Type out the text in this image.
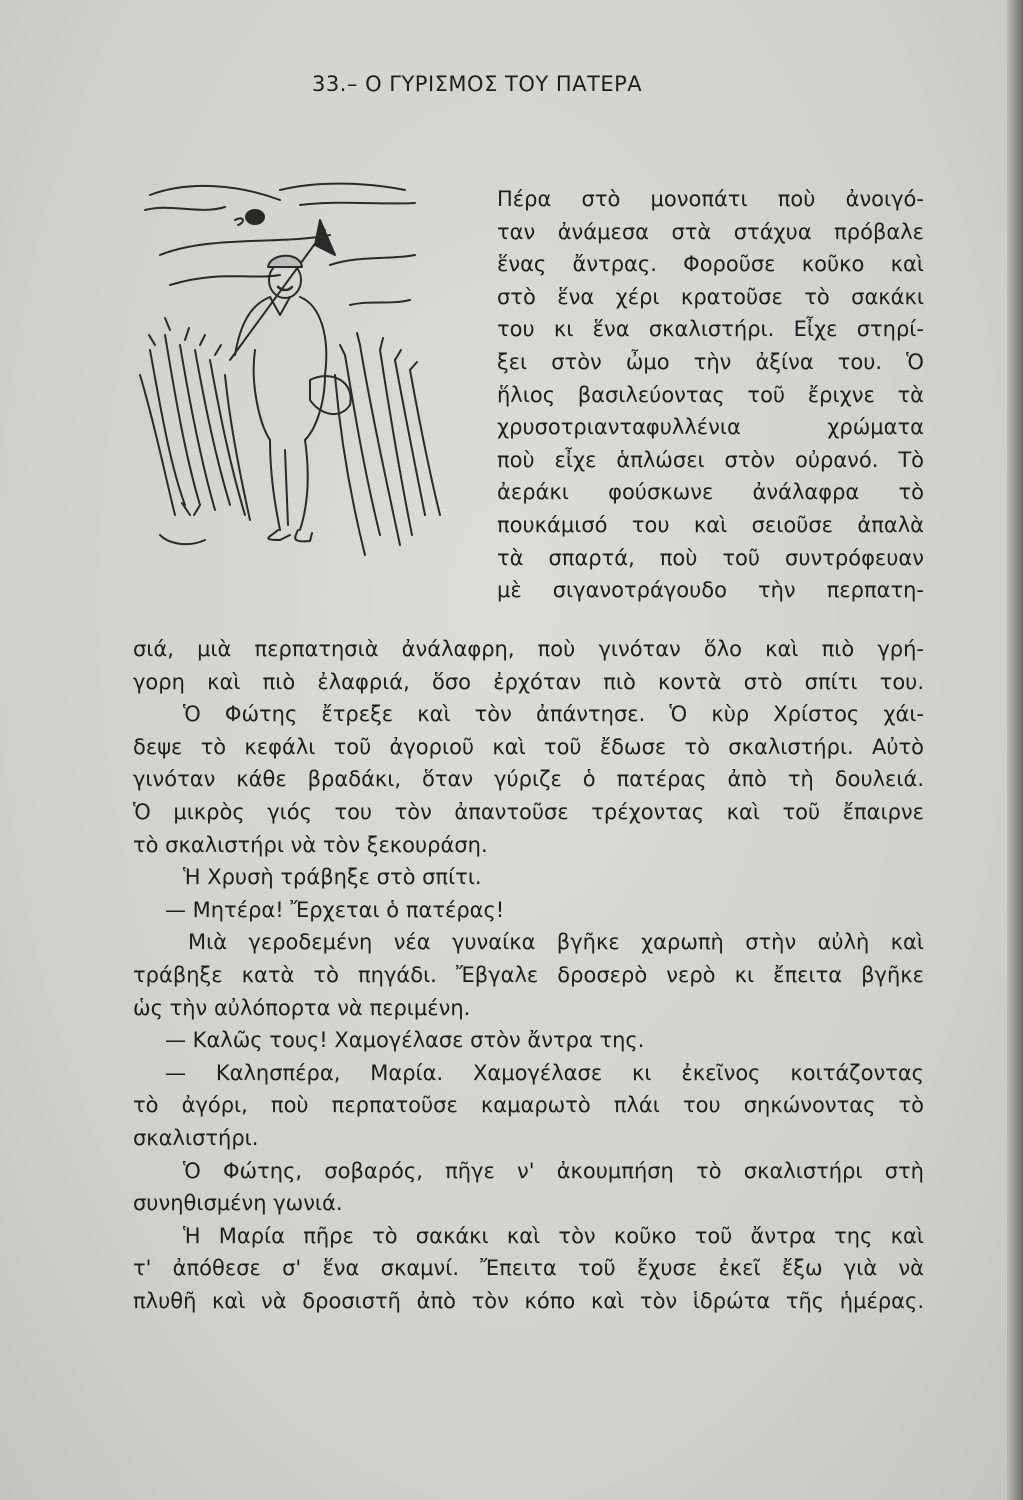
33.– Ο ΓΥΡΙΣΜΟΣ ΤΟΥ ΠΑΤΕΡΑ
Πέρα στὸ μονοπάτι ποὺ ἀνοιγό-
ταν ἀνάμεσα στὰ στάχυα πρόβαλε
ἕνας ἄντρας. Φοροῦσε κοῦκο καὶ
στὸ ἕνα χέρι κρατοῦσε τὸ σακάκι
του κι ἕνα σκαλιστήρι. Εἶχε στηρί-
ξει στὸν ὦμο τὴν ἀξίνα του. Ὁ
ἥλιος βασιλεύοντας τοῦ ἔριχνε τὰ
χρυσοτριανταφυλλένια χρώματα
ποὺ εἶχε ἁπλώσει στὸν οὐρανό. Τὸ
ἀεράκι φούσκωνε ἀνάλαφρα τὸ
πουκάμισό του καὶ σειοῦσε ἀπαλὰ
τὰ σπαρτά, ποὺ τοῦ συντρόφευαν
μὲ σιγανοτράγουδο τὴν περπατη-
σιά, μιὰ περπατησιὰ ἀνάλαφρη, ποὺ γινόταν ὅλο καὶ πιὸ γρή-
γορη καὶ πιὸ ἐλαφριά, ὅσο ἐρχόταν πιὸ κοντὰ στὸ σπίτι του.
Ὁ Φώτης ἔτρεξε καὶ τὸν ἀπάντησε. Ὁ κὺρ Χρίστος χάι-
δεψε τὸ κεφάλι τοῦ ἀγοριοῦ καὶ τοῦ ἔδωσε τὸ σκαλιστήρι. Αὐτὸ
γινόταν κάθε βραδάκι, ὅταν γύριζε ὁ πατέρας ἀπὸ τὴ δουλειά.
Ὁ μικρὸς γιός του τὸν ἀπαντοῦσε τρέχοντας καὶ τοῦ ἔπαιρνε
τὸ σκαλιστήρι νὰ τὸν ξεκουράση.
Ἡ Χρυσὴ τράβηξε στὸ σπίτι.
— Μητέρα! Ἔρχεται ὁ πατέρας!
Μιὰ γεροδεμένη νέα γυναίκα βγῆκε χαρωπὴ στὴν αὐλὴ καὶ
τράβηξε κατὰ τὸ πηγάδι. Ἔβγαλε δροσερὸ νερὸ κι ἔπειτα βγῆκε
ὡς τὴν αὐλόπορτα νὰ περιμένη.
— Καλῶς τους! Χαμογέλασε στὸν ἄντρα της.
— Καλησπέρα, Μαρία. Χαμογέλασε κι ἐκεῖνος κοιτάζοντας
τὸ ἀγόρι, ποὺ περπατοῦσε καμαρωτὸ πλάι του σηκώνοντας τὸ
σκαλιστήρι.
Ὁ Φώτης, σοβαρός, πῆγε ν' ἀκουμπήση τὸ σκαλιστήρι στὴ
συνηθισμένη γωνιά.
Ἡ Μαρία πῆρε τὸ σακάκι καὶ τὸν κοῦκο τοῦ ἄντρα της καὶ
τ' ἀπόθεσε σ' ἕνα σκαμνί. Ἔπειτα τοῦ ἔχυσε ἐκεῖ ἔξω γιὰ νὰ
πλυθῆ καὶ νὰ δροσιστῆ ἀπὸ τὸν κόπο καὶ τὸν ἱδρώτα τῆς ἡμέρας.
